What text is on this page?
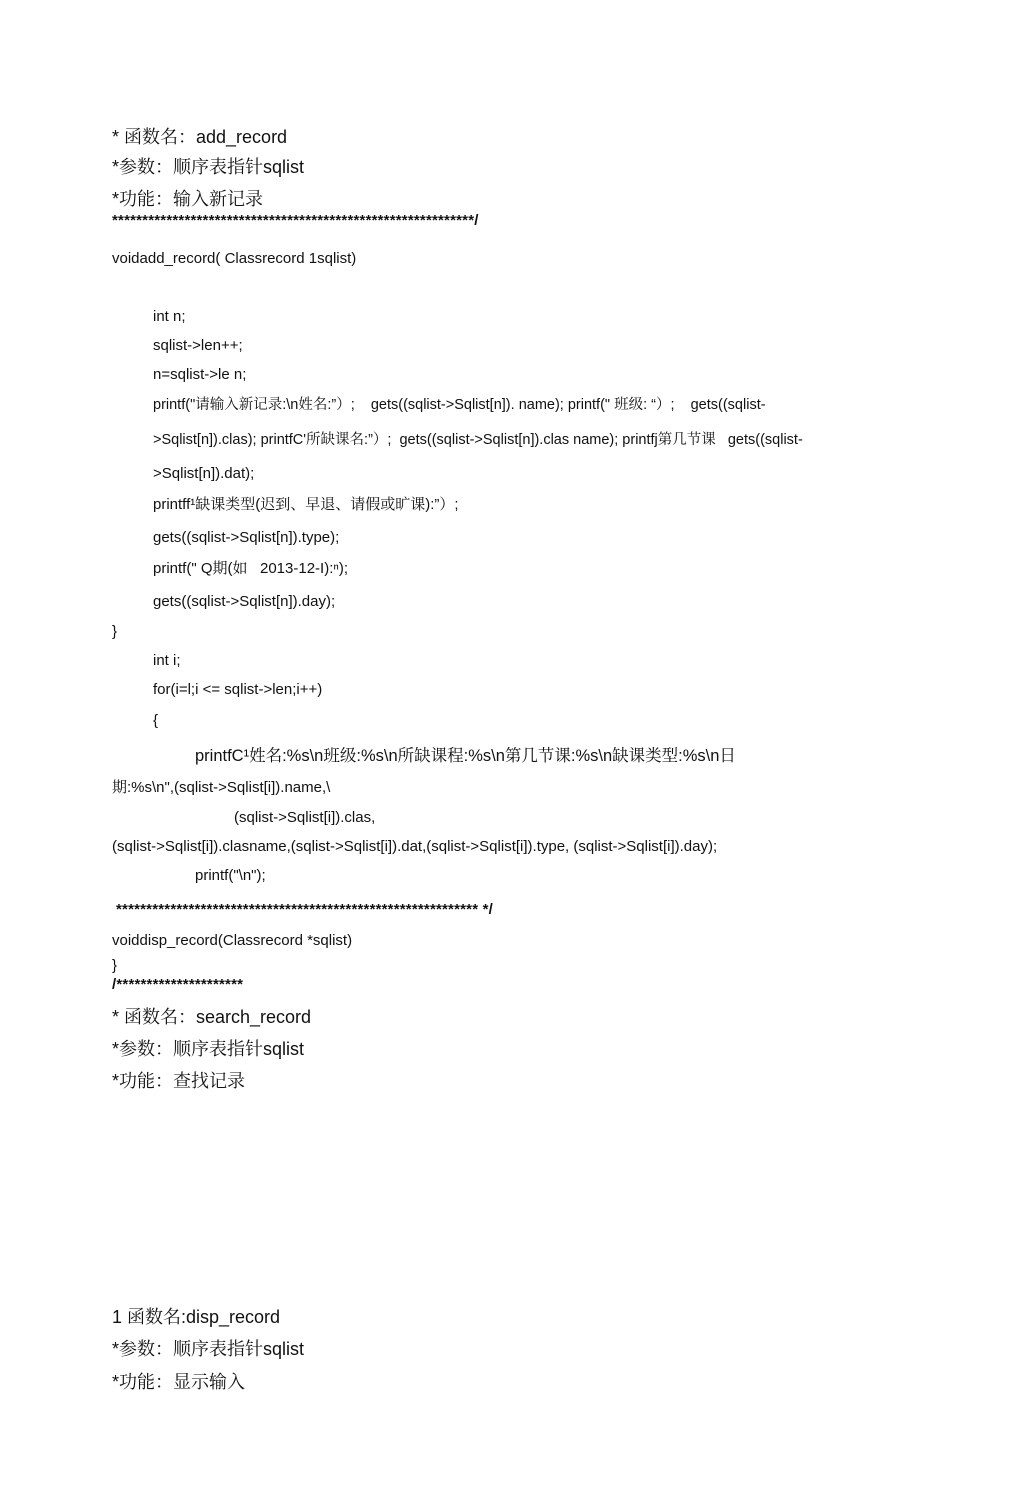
* 函数名：add_record
*参数：顺序表指针sqlist
*功能：输入新记录
************************************************************/
voidadd_record( Classrecord 1sqlist)
int n;
sqlist->len++;
n=sqlist->le n;
printf("请输入新记录:\n姓名:”）;    gets((sqlist->Sqlist[n]). name); printf(" 班级: “）;    gets((sqlist-
>Sqlist[n]).clas); printfC'所缺课名:”）;  gets((sqlist->Sqlist[n]).clas name); printfj第几节课   gets((sqlist-
>Sqlist[n]).dat);
printff¹缺课类型(迟到、早退、请假或旷课):”）;
gets((sqlist->Sqlist[n]).type);
printf(" Q期(如   2013-12-I):ⁿ);
gets((sqlist->Sqlist[n]).day);
}
int i;
for(i=l;i <= sqlist->len;i++)
{
printfC¹姓名:%s\n班级:%s\n所缺课程:%s\n第几节课:%s\n缺课类型:%s\n日
期:%s\n",(sqlist->Sqlist[i]).name,\
(sqlist->Sqlist[i]).clas,
(sqlist->Sqlist[i]).clasname,(sqlist->Sqlist[i]).dat,(sqlist->Sqlist[i]).type, (sqlist->Sqlist[i]).day);
printf("\n");
************************************************************ */
voiddisp_record(Classrecord *sqlist)
}
/*********************
* 函数名：search_record
*参数：顺序表指针sqlist
*功能：查找记录
1 函数名:disp_record
*参数：顺序表指针sqlist
*功能：显示输入
